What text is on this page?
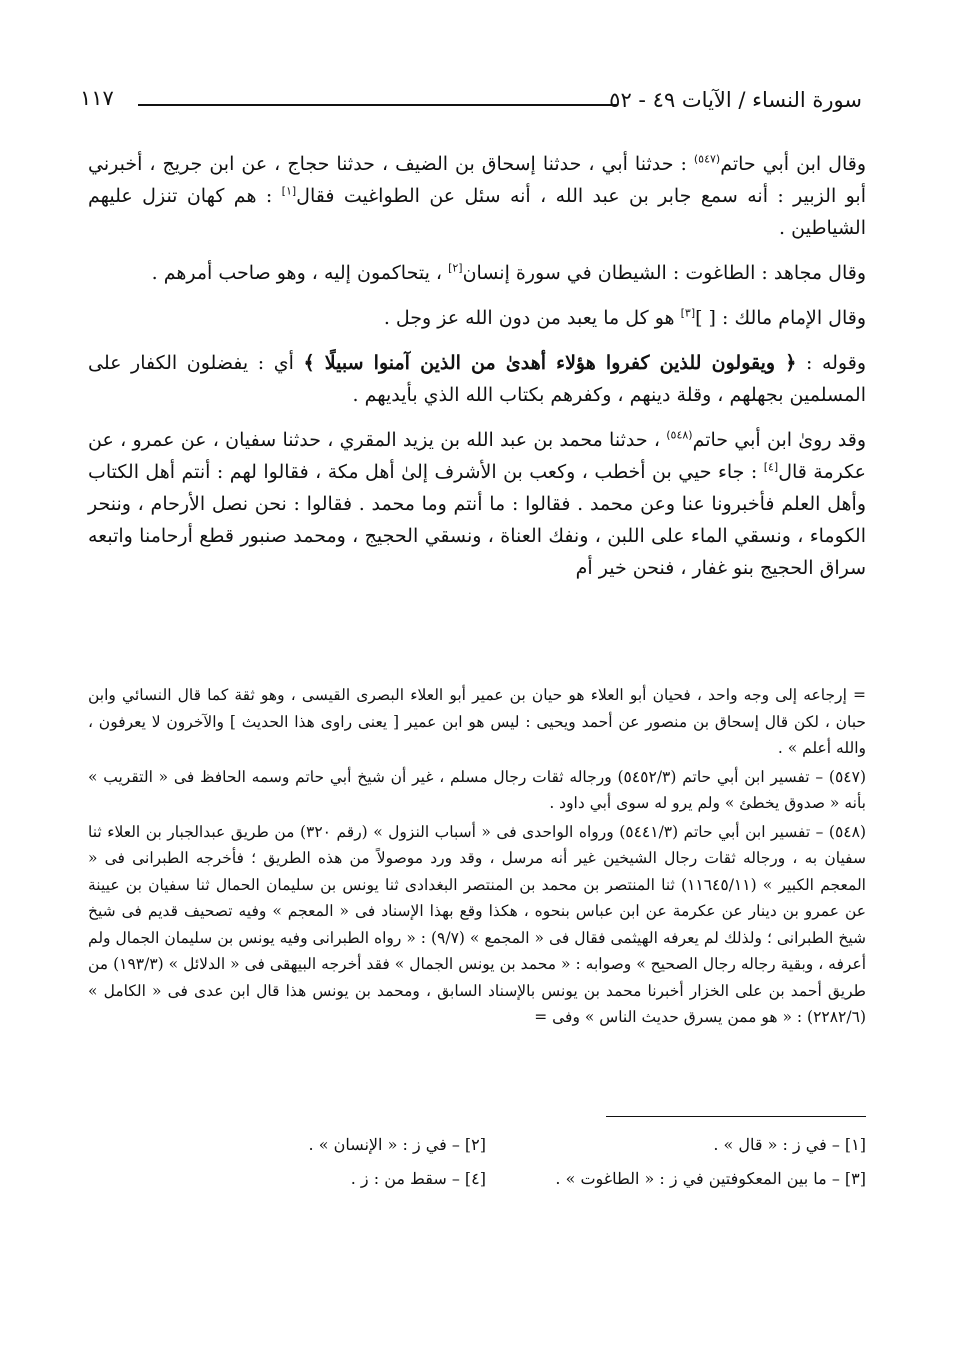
سورة النساء / الآيات ٤٩ - ٥٢
١١٧

وقال ابن أبي حاتم$^{(٥٤٧)}$ : حدثنا أبي ، حدثنا إسحاق بن الضيف ، حدثنا حجاج ، عن ابن جريج ، أخبرني أبو الزبير : أنه سمع جابر بن عبد الله ، أنه سئل عن الطواغيت فقال[١] : هم كهان تنزل عليهم الشياطين .

وقال مجاهد : الطاغوت : الشيطان في سورة إنسان[٢] ، يتحاكمون إليه ، وهو صاحب أمرهم .

وقال الإمام مالك : [ ][٣] هو كل ما يعبد من دون الله عز وجل .

وقوله : ﴿ ويقولون للذين كفروا هؤلاء أهدىٰ من الذين آمنوا سبيلًا ﴾ أي : يفضلون الكفار على المسلمين بجهلهم ، وقلة دينهم ، وكفرهم بكتاب الله الذي بأيديهم .

وقد روىٰ ابن أبي حاتم$^{(٥٤٨)}$ ، حدثنا محمد بن عبد الله بن يزيد المقري ، حدثنا سفيان ، عن عمرو ، عن عكرمة قال[٤] : جاء حيي بن أخطب ، وكعب بن الأشرف إلىٰ أهل مكة ، فقالوا لهم : أنتم أهل الكتاب وأهل العلم فأخبرونا عنا وعن محمد . فقالوا : ما أنتم وما محمد . فقالوا : نحن نصل الأرحام ، وننحر الكوماء ، ونسقي الماء على اللبن ، ونفك العناة ، ونسقي الحجيج ، ومحمد صنبور قطع أرحامنا واتبعه سراق الحجيج بنو غفار ، فنحن خير أم

= إرجاعه إلى وجه واحد ، فحيان أبو العلاء هو حيان بن عمير أبو العلاء البصرى القيسى ، وهو ثقة كما قال النسائي وابن حبان ، لكن قال إسحاق بن منصور عن أحمد ويحيى : ليس هو ابن عمير [ يعنى راوى هذا الحديث ] والآخرون لا يعرفون ، والله أعلم » .

(٥٤٧) – تفسير ابن أبي حاتم (٥٤٥٢/٣) ورجاله ثقات رجال مسلم ، غير أن شيخ أبي حاتم وسمه الحافظ فى « التقريب » بأنه « صدوق يخطئ » ولم يرو له سوى أبي داود .

(٥٤٨) – تفسير ابن أبي حاتم (٥٤٤١/٣) ورواه الواحدى فى « أسباب النزول » (رقم ٣٢٠) من طريق عبدالجبار بن العلاء ثنا سفيان به ، ورجاله ثقات رجال الشيخين غير أنه مرسل ، وقد ورد موصولاً من هذه الطريق ؛ فأخرجه الطبرانى فى « المعجم الكبير » (١١٦٤٥/١١) ثنا المنتصر بن محمد بن المنتصر البغدادى ثنا يونس بن سليمان الحمال ثنا سفيان بن عيينة عن عمرو بن دينار عن عكرمة عن ابن عباس بنحوه ، هكذا وقع بهذا الإسناد فى « المعجم » وفيه تصحيف قديم فى شيخ شيخ الطبرانى ؛ ولذلك لم يعرفه الهيثمى فقال فى « المجمع » (٩/٧) : « رواه الطبرانى وفيه يونس بن سليمان الجمال ولم أعرفه ، وبقية رجاله رجال الصحيح » وصوابه : « محمد بن يونس الجمال » فقد أخرجه البيهقى فى « الدلائل » (١٩٣/٣) من طريق أحمد بن على الخزار أخبرنا محمد بن يونس بالإسناد السابق ، ومحمد بن يونس هذا قال ابن عدى فى « الكامل » (٢٢٨٢/٦) : « هو ممن يسرق حديث الناس » وفى =

[١] – في ز : « قال » .
[٢] – في ز : « الإنسان » .
[٣] – ما بين المعكوفتين في ز : « الطاغوت » .
[٤] – سقط من : ز .
